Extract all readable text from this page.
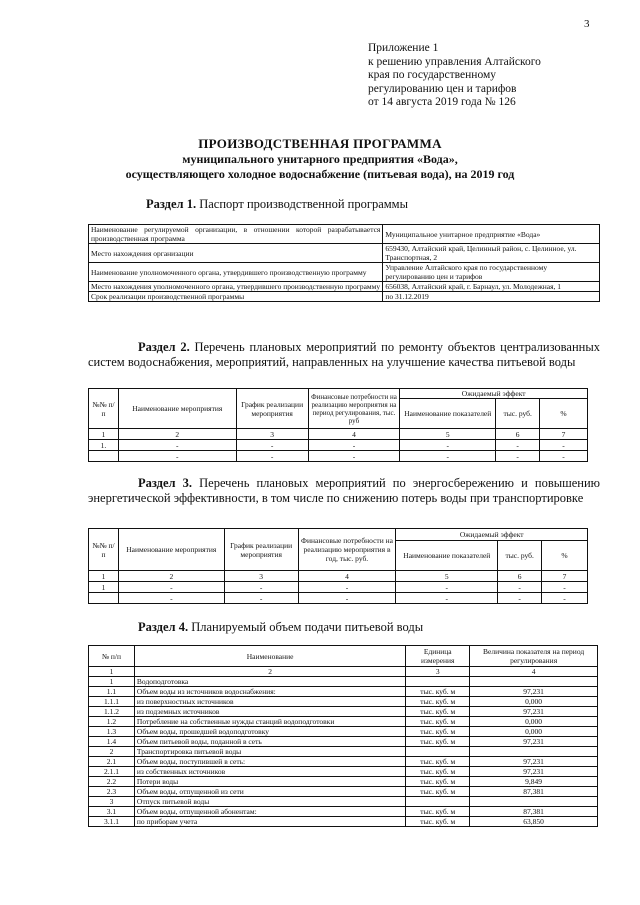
3
Приложение 1
к решению управления Алтайского
края по государственному
регулированию цен и тарифов
от 14 августа 2019 года № 126
ПРОИЗВОДСТВЕННАЯ ПРОГРАММА
муниципального унитарного предприятия «Вода»,
осуществляющего холодное водоснабжение (питьевая вода), на 2019 год
Раздел 1. Паспорт производственной программы
Наименование регулируемой организации, в отношении которой разрабатывается производственная программа	Муниципальное унитарное предприятие «Вода»
Место нахождения организации	659430, Алтайский край, Целинный район, с. Целинное, ул. Транспортная, 2
Наименование уполномоченного органа, утвердившего производственную программу	Управление Алтайского края по государственному регулированию цен и тарифов
Место нахождения уполномоченного органа, утвердившего производственную программу	656038, Алтайский край, г. Барнаул, ул. Молодежная, 1
Срок реализации производственной программы	по 31.12.2019
Раздел 2. Перечень плановых мероприятий по ремонту объектов централизованных систем водоснабжения, мероприятий, направленных на улучшение качества питьевой воды
№№ п/п	Наименование мероприятия	График реализации мероприятия	Финансовые потребности на реализацию мероприятия на период регулирования, тыс. руб	Ожидаемый эффект		
				Наименование показателей	тыс. руб.	%
1	2	3	4	5	6	7
1.	-	-	-	-	-	-
	-	-	-	-	-	-
Раздел 3. Перечень плановых мероприятий по энергосбережению и повышению энергетической эффективности, в том числе по снижению потерь воды при транспортировке
№№ п/п	Наименование мероприятия	График реализации мероприятия	Финансовые потребности на реализацию мероприятия в год, тыс. руб.	Ожидаемый эффект		
				Наименование показателей	тыс. руб.	%
1	2	3	4	5	6	7
1	-	-	-	-	-	-
	-	-	-	-	-	-
Раздел 4. Планируемый объем подачи питьевой воды
№ п/п	Наименование	Единица измерения	Величина показателя на период регулирования
1	2	3	4
1	Водоподготовка		
1.1	Объем воды из источников водоснабжения:	тыс. куб. м	97,231
1.1.1	из поверхностных источников	тыс. куб. м	0,000
1.1.2	из подземных источников	тыс. куб. м	97,231
1.2	Потребление на собственные нужды станций водоподготовки	тыс. куб. м	0,000
1.3	Объем воды, прошедшей водоподготовку	тыс. куб. м	0,000
1.4	Объем питьевой воды, поданной в сеть	тыс. куб. м	97,231
2	Транспортировка питьевой воды		
2.1	Объем воды, поступившей в сеть:	тыс. куб. м	97,231
2.1.1	из собственных источников	тыс. куб. м	97,231
2.2	Потери воды	тыс. куб. м	9,849
2.3	Объем воды, отпущенной из сети	тыс. куб. м	87,381
3	Отпуск питьевой воды		
3.1	Объем воды, отпущенной абонентам:	тыс. куб. м	87,381
3.1.1	по приборам учета	тыс. куб. м	63,850
